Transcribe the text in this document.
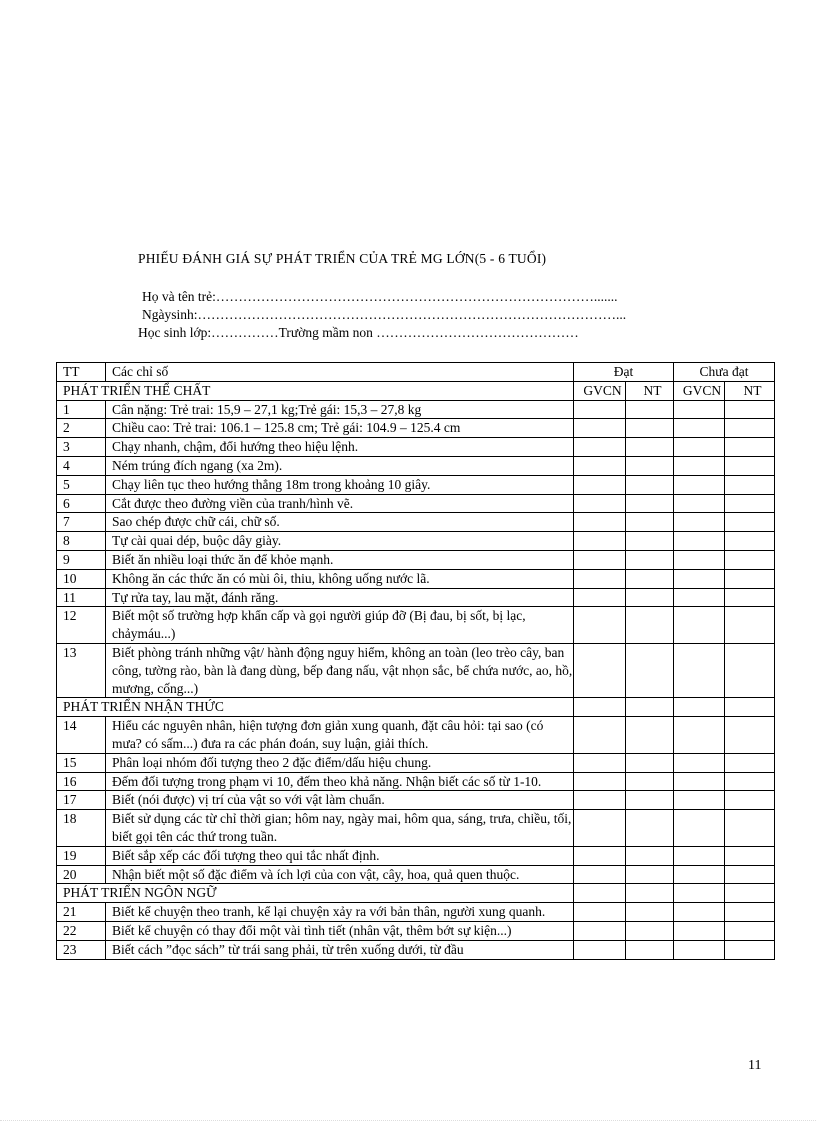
PHIẾU ĐÁNH GIÁ SỰ PHÁT TRIỂN CỦA TRẺ MG LỚN(5 - 6 TUỔI)
Họ và tên trẻ:………………………………………………………………………….......
Ngàysinh:…………………………………………………………………………………...
Học sinh lớp:……………Trường mầm non ………………………………………
TT	Các chỉ số	Đạt		Chưa đạt	
PHÁT TRIỂN THỂ CHẤT		GVCN	NT	GVCN	NT
1	Cân nặng: Trẻ trai: 15,9 – 27,1 kg;Trẻ gái: 15,3 – 27,8 kg				
2	Chiều cao: Trẻ trai: 106.1 – 125.8 cm; Trẻ gái: 104.9 – 125.4 cm				
3	Chạy nhanh, chậm, đổi hướng theo hiệu lệnh.				
4	Ném trúng đích ngang (xa 2m).				
5	Chạy liên tục theo hướng thẳng 18m trong khoảng 10 giây.				
6	Cắt được theo đường viền của tranh/hình vẽ.				
7	Sao chép được chữ cái, chữ số.				
8	Tự cài quai dép, buộc dây giày.				
9	Biết ăn nhiều loại thức ăn để khỏe mạnh.				
10	Không ăn các thức ăn có mùi ôi, thiu, không uống nước lã.				
11	Tự rửa tay, lau mặt, đánh răng.				
12	Biết một số trường hợp khẩn cấp và gọi người giúp đỡ (Bị đau, bị sốt, bị lạc, chảymáu...)				
13	Biết phòng tránh những vật/ hành động nguy hiểm, không an toàn (leo trèo cây, ban công, tường rào, bàn là đang dùng, bếp đang nấu, vật nhọn sắc, bể chứa nước, ao, hồ, mương, cống...)				
PHÁT TRIỂN NHẬN THỨC					
14	Hiểu các nguyên nhân, hiện tượng đơn giản xung quanh, đặt câu hỏi: tại sao (có mưa? có sấm...) đưa ra các phán đoán, suy luận, giải thích.				
15	Phân loại nhóm đối tượng theo 2 đặc điểm/dấu hiệu chung.				
16	Đếm đối tượng trong phạm vi 10, đếm theo khả năng. Nhận biết các số từ 1-10.				
17	Biết (nói được) vị trí của vật so với vật làm chuẩn.				
18	Biết sử dụng các từ chỉ thời gian; hôm nay, ngày mai, hôm qua, sáng, trưa, chiều, tối, biết gọi tên các thứ trong tuần.				
19	Biết sắp xếp các đối tượng theo qui tắc nhất định.				
20	Nhận biết một số đặc điểm và ích lợi của con vật, cây, hoa, quả quen thuộc.				
PHÁT TRIỂN NGÔN NGỮ					
21	Biết kể chuyện theo tranh, kể lại chuyện xảy ra với bản thân, người xung quanh.				
22	Biết kể chuyện có thay đổi một vài tình tiết (nhân vật, thêm bớt sự kiện...)				
23	Biết cách ”đọc sách” từ trái sang phải, từ trên xuống dưới, từ đầu				
11
